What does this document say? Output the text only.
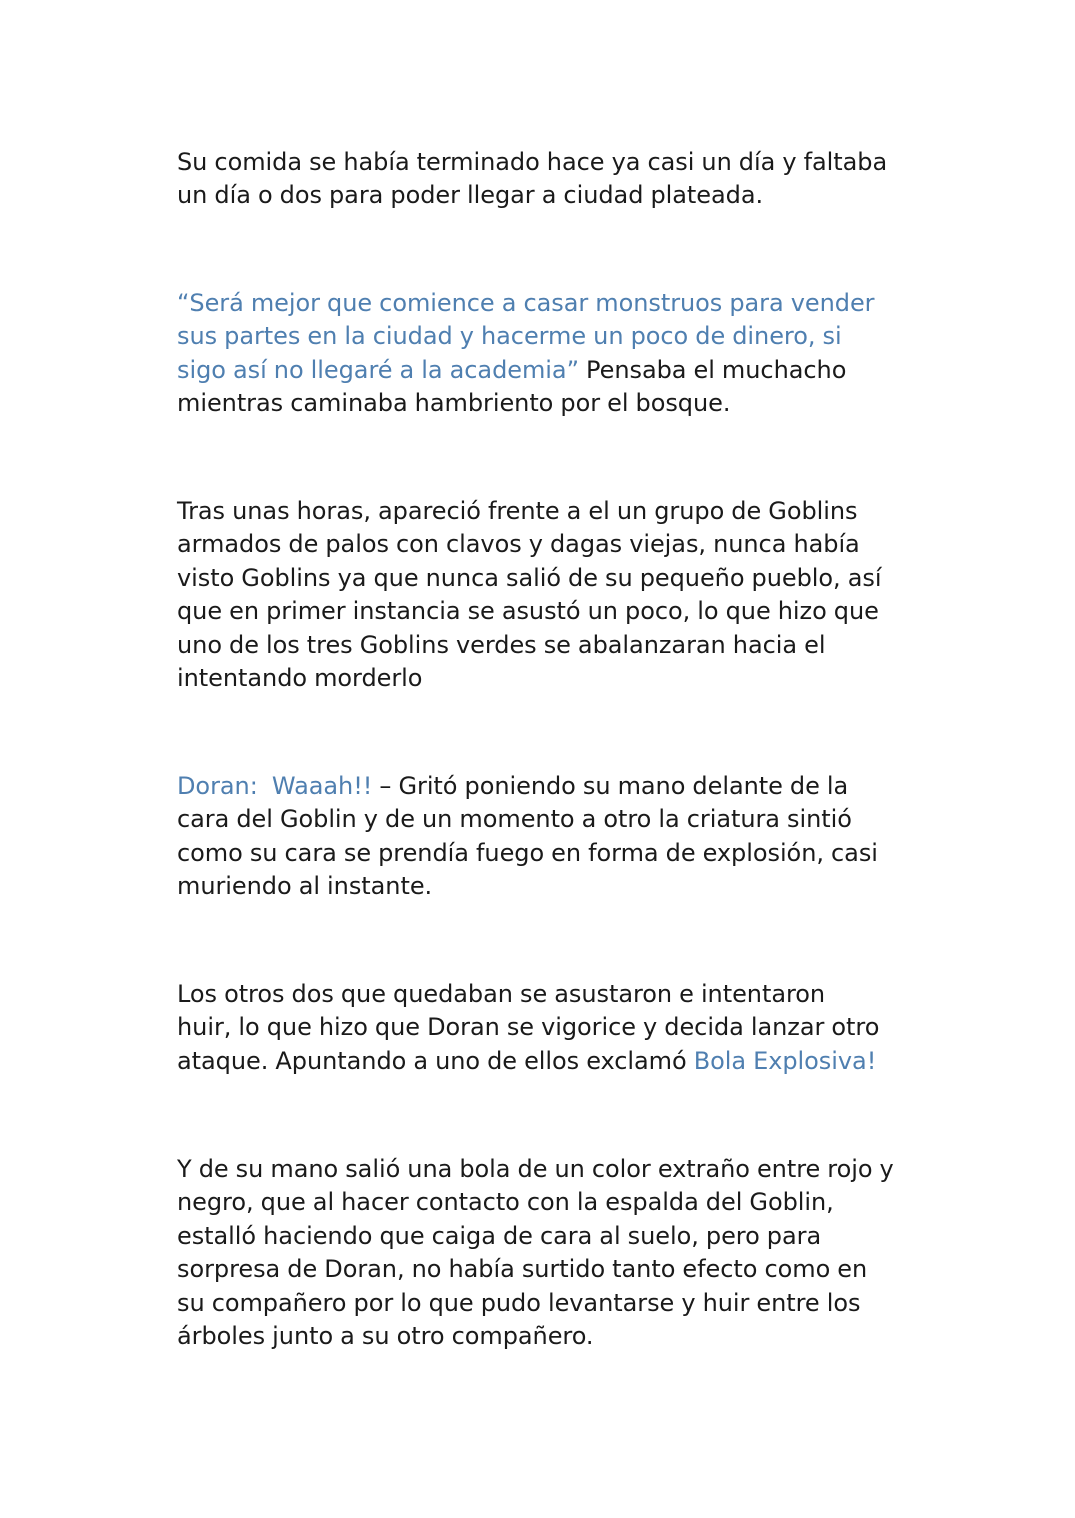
Su comida se había terminado hace ya casi un día y faltaba
un día o dos para poder llegar a ciudad plateada.

“Será mejor que comience a casar monstruos para vender
sus partes en la ciudad y hacerme un poco de dinero, si
sigo así no llegaré a la academia” Pensaba el muchacho
mientras caminaba hambriento por el bosque.

Tras unas horas, apareció frente a el un grupo de Goblins
armados de palos con clavos y dagas viejas, nunca había
visto Goblins ya que nunca salió de su pequeño pueblo, así
que en primer instancia se asustó un poco, lo que hizo que
uno de los tres Goblins verdes se abalanzaran hacia el
intentando morderlo

Doran: Waaah!! – Gritó poniendo su mano delante de la
cara del Goblin y de un momento a otro la criatura sintió
como su cara se prendía fuego en forma de explosión, casi
muriendo al instante.

Los otros dos que quedaban se asustaron e intentaron
huir, lo que hizo que Doran se vigorice y decida lanzar otro
ataque. Apuntando a uno de ellos exclamó Bola Explosiva!

Y de su mano salió una bola de un color extraño entre rojo y
negro, que al hacer contacto con la espalda del Goblin,
estalló haciendo que caiga de cara al suelo, pero para
sorpresa de Doran, no había surtido tanto efecto como en
su compañero por lo que pudo levantarse y huir entre los
árboles junto a su otro compañero.
